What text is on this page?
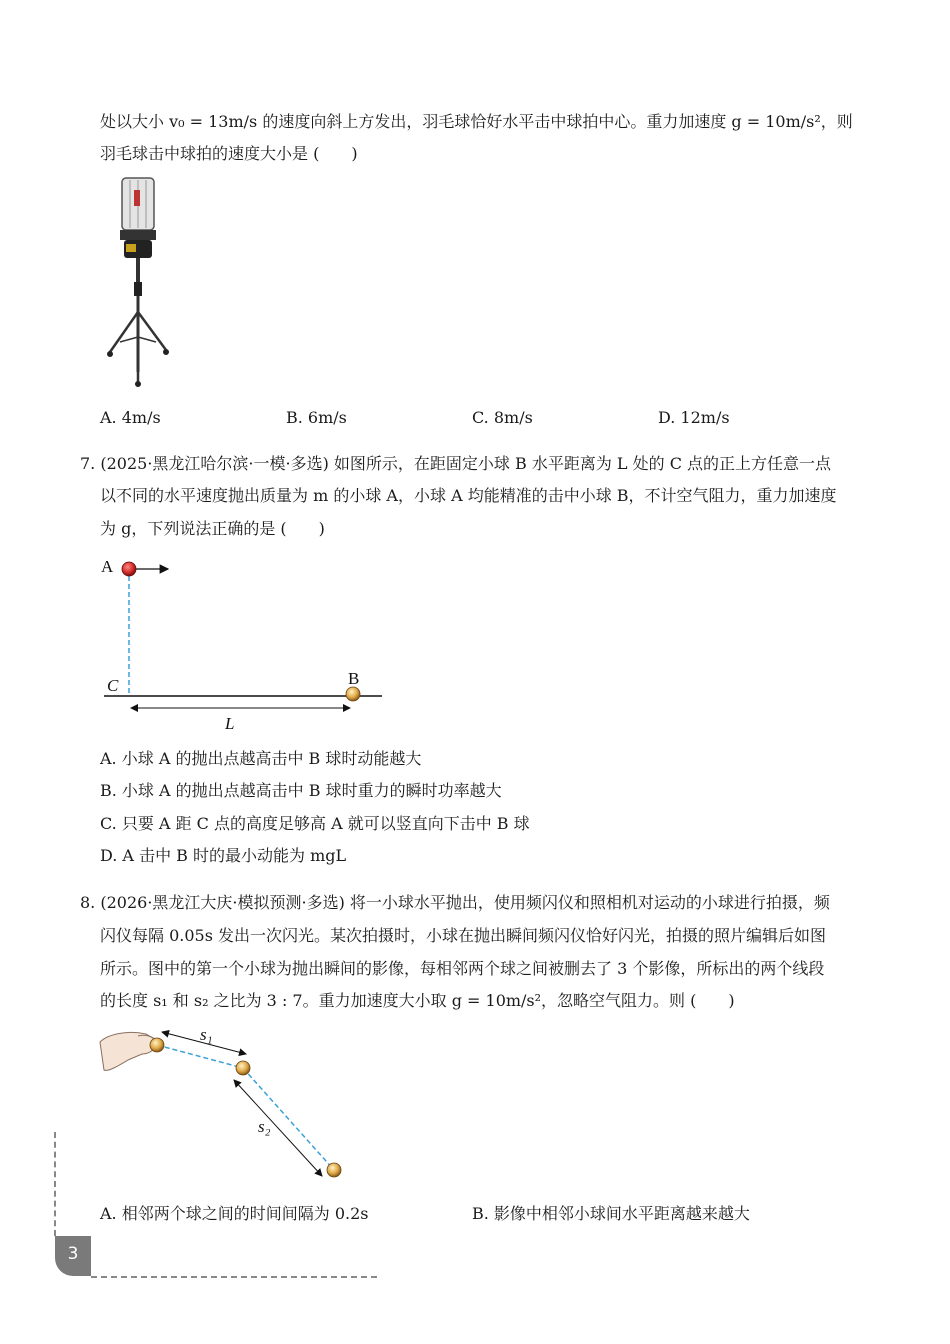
处以大小 v₀ = 13m/s 的速度向斜上方发出，羽毛球恰好水平击中球拍中心。重力加速度 g = 10m/s²，则
羽毛球击中球拍的速度大小是 (　　)
A. 4m/s	B. 6m/s	C. 8m/s	D. 12m/s
7. (2025·黑龙江哈尔滨·一模·多选) 如图所示，在距固定小球 B 水平距离为 L 处的 C 点的正上方任意一点
以不同的水平速度抛出质量为 m 的小球 A，小球 A 均能精准的击中小球 B，不计空气阻力，重力加速度
为 g，下列说法正确的是 (　　)
A
B
C
L
A. 小球 A 的抛出点越高击中 B 球时动能越大
B. 小球 A 的抛出点越高击中 B 球时重力的瞬时功率越大
C. 只要 A 距 C 点的高度足够高 A 就可以竖直向下击中 B 球
D. A 击中 B 时的最小动能为 mgL
8. (2026·黑龙江大庆·模拟预测·多选) 将一小球水平抛出，使用频闪仪和照相机对运动的小球进行拍摄，频
闪仪每隔 0.05s 发出一次闪光。某次拍摄时，小球在抛出瞬间频闪仪恰好闪光，拍摄的照片编辑后如图
所示。图中的第一个小球为抛出瞬间的影像，每相邻两个球之间被删去了 3 个影像，所标出的两个线段
的长度 s₁ 和 s₂ 之比为 3 : 7。重力加速度大小取 g = 10m/s²，忽略空气阻力。则 (　　)
s₁
s₂
A. 相邻两个球之间的时间间隔为 0.2s	B. 影像中相邻小球间水平距离越来越大
3
